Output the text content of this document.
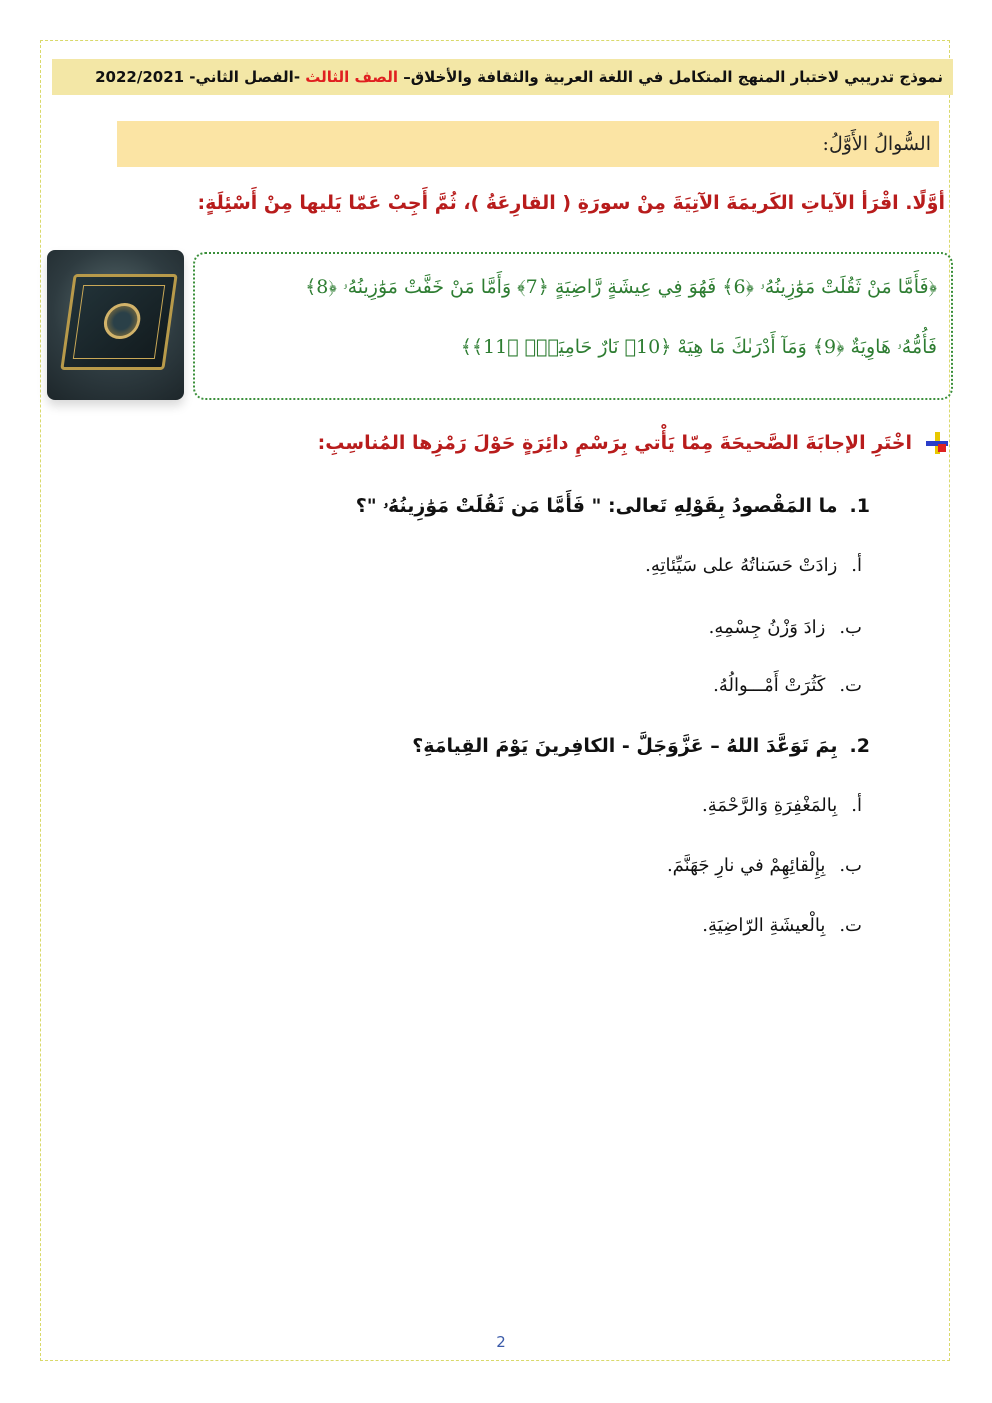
نموذج تدريبي لاختبار المنهج المتكامل في اللغة العربية والثقافة والأخلاق– الصف الثالث -الفصل الثاني- 2022/2021
السُّوالُ الأَوَّلُ:
أوَّلًا. اقْرَأ الآياتِ الكَريمَةَ الآتِيَةَ مِنْ سورَةِ ( القارِعَةُ )، ثُمَّ أَجِبْ عَمّا يَليها مِنْ أَسْئِلَةٍ:
﴿فَأَمَّا مَنْ ثَقُلَتْ مَوَٰزِينُهُۥ ﴿6﴾ فَهُوَ فِي عِيشَةٍ رَّاضِيَةٍ ﴿7﴾ وَأَمَّا مَنْ خَفَّتْ مَوَٰزِينُهُۥ ﴿8﴾
فَأُمُّهُۥ هَاوِيَةٌ ﴿9﴾ وَمَآ أَدْرَىٰكَ مَا هِيَهْ ﴿10﴾ نَارٌ حَامِيَةٌۢ ﴿11﴾﴾
اخْتَرِ الإجابَةَ الصَّحيحَةَ مِمّا يَأْتي بِرَسْمِ دائِرَةٍ حَوْلَ رَمْزِها المُناسِبِ:
1.ما المَقْصودُ بِقَوْلِهِ تَعالى: " فَأَمَّا مَن ثَقُلَتْ مَوَٰزِينُهُۥ "؟
أ.زادَتْ حَسَناتُهُ على سَيِّئاتِهِ.
ب.زادَ وَزْنُ جِسْمِهِ.
ت.كَثُرَتْ أَمْـــوالُهُ.
2.بِمَ تَوَعَّدَ اللهُ – عَزَّوَجَلَّ - الكافِرينَ يَوْمَ القِيامَةِ؟
أ.بِالمَغْفِرَةِ وَالرَّحْمَةِ.
ب.بِإِلْقائِهِمْ في نارِ جَهَنَّمَ.
ت.بِالْعيشَةِ الرّاضِيَةِ.
2
